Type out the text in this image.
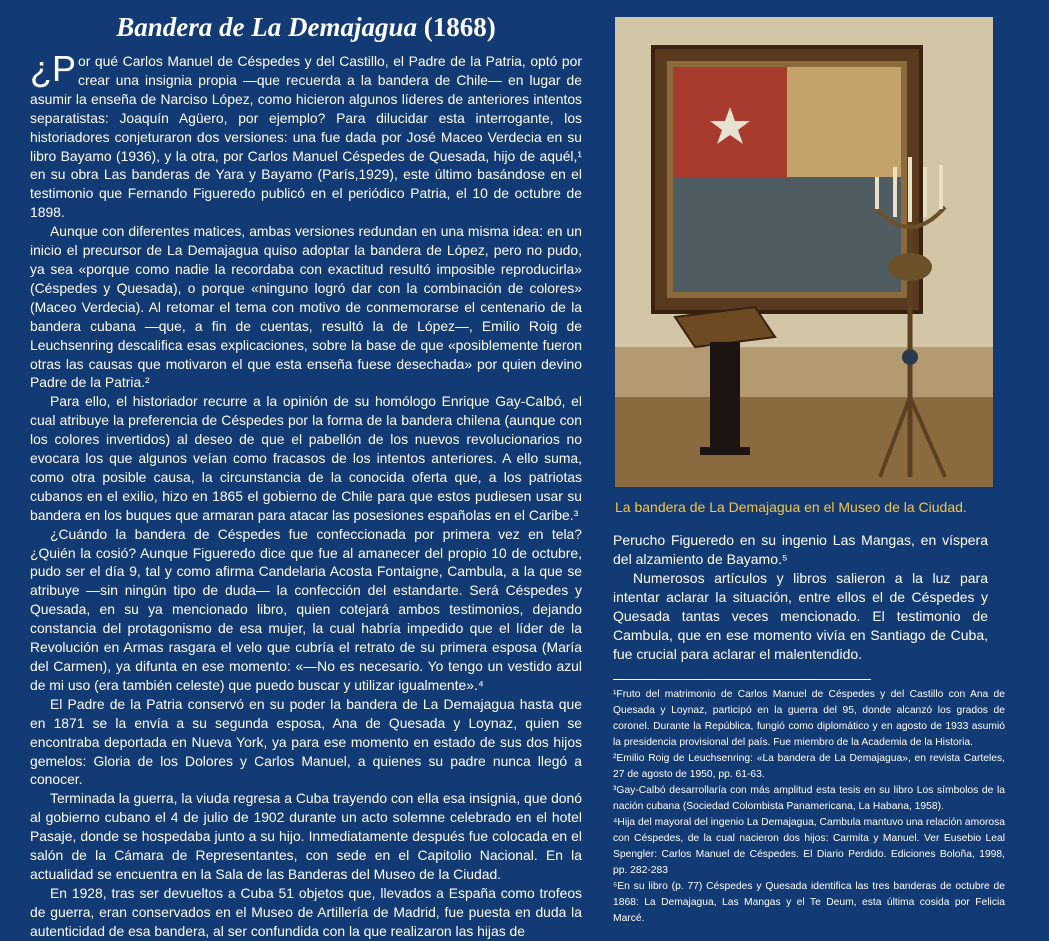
Bandera de La Demajagua (1868)

¿P or qué Carlos Manuel de Céspedes y del Castillo, el Padre de la Patria, optó por crear una insignia propia —que recuerda a la bandera de Chile— en lugar de asumir la enseña de Narciso López, como hicieron algunos líderes de anteriores intentos separatistas: Joaquín Agüero, por ejemplo? Para dilucidar esta interrogante, los historiadores conjeturaron dos versiones: una fue dada por José Maceo Verdecia en su libro Bayamo (1936), y la otra, por Carlos Manuel Céspedes de Quesada, hijo de aquél,¹ en su obra Las banderas de Yara y Bayamo (París,1929), este último basándose en el testimonio que Fernando Figueredo publicó en el periódico Patria, el 10 de octubre de 1898.

Aunque con diferentes matices, ambas versiones redundan en una misma idea: en un inicio el precursor de La Demajagua quiso adoptar la bandera de López, pero no pudo, ya sea «porque como nadie la recordaba con exactitud resultó imposible reproducirla» (Céspedes y Quesada), o porque «ninguno logró dar con la combinación de colores» (Maceo Verdecia). Al retomar el tema con motivo de conmemorarse el centenario de la bandera cubana —que, a fin de cuentas, resultó la de López—, Emilio Roig de Leuchsenring descalifica esas explicaciones, sobre la base de que «posiblemente fueron otras las causas que motivaron el que esta enseña fuese desechada» por quien devino Padre de la Patria.²

Para ello, el historiador recurre a la opinión de su homólogo Enrique Gay-Calbó, el cual atribuye la preferencia de Céspedes por la forma de la bandera chilena (aunque con los colores invertidos) al deseo de que el pabellón de los nuevos revolucionarios no evocara los que algunos veían como fracasos de los intentos anteriores. A ello suma, como otra posible causa, la circunstancia de la conocida oferta que, a los patriotas cubanos en el exilio, hizo en 1865 el gobierno de Chile para que estos pudiesen usar su bandera en los buques que armaran para atacar las posesiones españolas en el Caribe.³

¿Cuándo la bandera de Céspedes fue confeccionada por primera vez en tela? ¿Quién la cosió? Aunque Figueredo dice que fue al amanecer del propio 10 de octubre, pudo ser el día 9, tal y como afirma Candelaria Acosta Fontaigne, Cambula, a la que se atribuye —sin ningún tipo de duda— la confección del estandarte. Será Céspedes y Quesada, en su ya mencionado libro, quien cotejará ambos testimonios, dejando constancia del protagonismo de esa mujer, la cual habría impedido que el líder de la Revolución en Armas rasgara el velo que cubría el retrato de su primera esposa (María del Carmen), ya difunta en ese momento: «—No es necesario. Yo tengo un vestido azul de mi uso (era también celeste) que puedo buscar y utilizar igualmente».⁴

El Padre de la Patria conservó en su poder la bandera de La Demajagua hasta que en 1871 se la envía a su segunda esposa, Ana de Quesada y Loynaz, quien se encontraba deportada en Nueva York, ya para ese momento en estado de sus dos hijos gemelos: Gloria de los Dolores y Carlos Manuel, a quienes su padre nunca llegó a conocer.

Terminada la guerra, la viuda regresa a Cuba trayendo con ella esa insignia, que donó al gobierno cubano el 4 de julio de 1902 durante un acto solemne celebrado en el hotel Pasaje, donde se hospedaba junto a su hijo. Inmediatamente después fue colocada en el salón de la Cámara de Representantes, con sede en el Capitolio Nacional. En la actualidad se encuentra en la Sala de las Banderas del Museo de la Ciudad.

En 1928, tras ser devueltos a Cuba 51 objetos que, llevados a España como trofeos de guerra, eran conservados en el Museo de Artillería de Madrid, fue puesta en duda la autenticidad de esa bandera, al ser confundida con la que realizaron las hijas de

La bandera de La Demajagua en el Museo de la Ciudad.

Perucho Figueredo en su ingenio Las Mangas, en víspera del alzamiento de Bayamo.⁵

Numerosos artículos y libros salieron a la luz para intentar aclarar la situación, entre ellos el de Céspedes y Quesada tantas veces mencionado. El testimonio de Cambula, que en ese momento vivía en Santiago de Cuba, fue crucial para aclarar el malentendido.

¹Fruto del matrimonio de Carlos Manuel de Céspedes y del Castillo con Ana de Quesada y Loynaz, participó en la guerra del 95, donde alcanzó los grados de coronel. Durante la República, fungió como diplomático y en agosto de 1933 asumió la presidencia provisional del país. Fue miembro de la Academia de la Historia.

²Emilio Roig de Leuchsenring: «La bandera de La Demajagua», en revista Carteles, 27 de agosto de 1950, pp. 61-63.

³Gay-Calbó desarrollaría con más amplitud esta tesis en su libro Los símbolos de la nación cubana (Sociedad Colombista Panamericana, La Habana, 1958).

⁴Hija del mayoral del ingenio La Demajagua, Cambula mantuvo una relación amorosa con Céspedes, de la cual nacieron dos hijos: Carmita y Manuel. Ver Eusebio Leal Spengler: Carlos Manuel de Céspedes. El Diario Perdido. Ediciones Boloña, 1998, pp. 282-283

⁵En su libro (p. 77) Céspedes y Quesada identifica las tres banderas de octubre de 1868: La Demajagua, Las Mangas y el Te Deum, esta última cosida por Felicia Marcé.
